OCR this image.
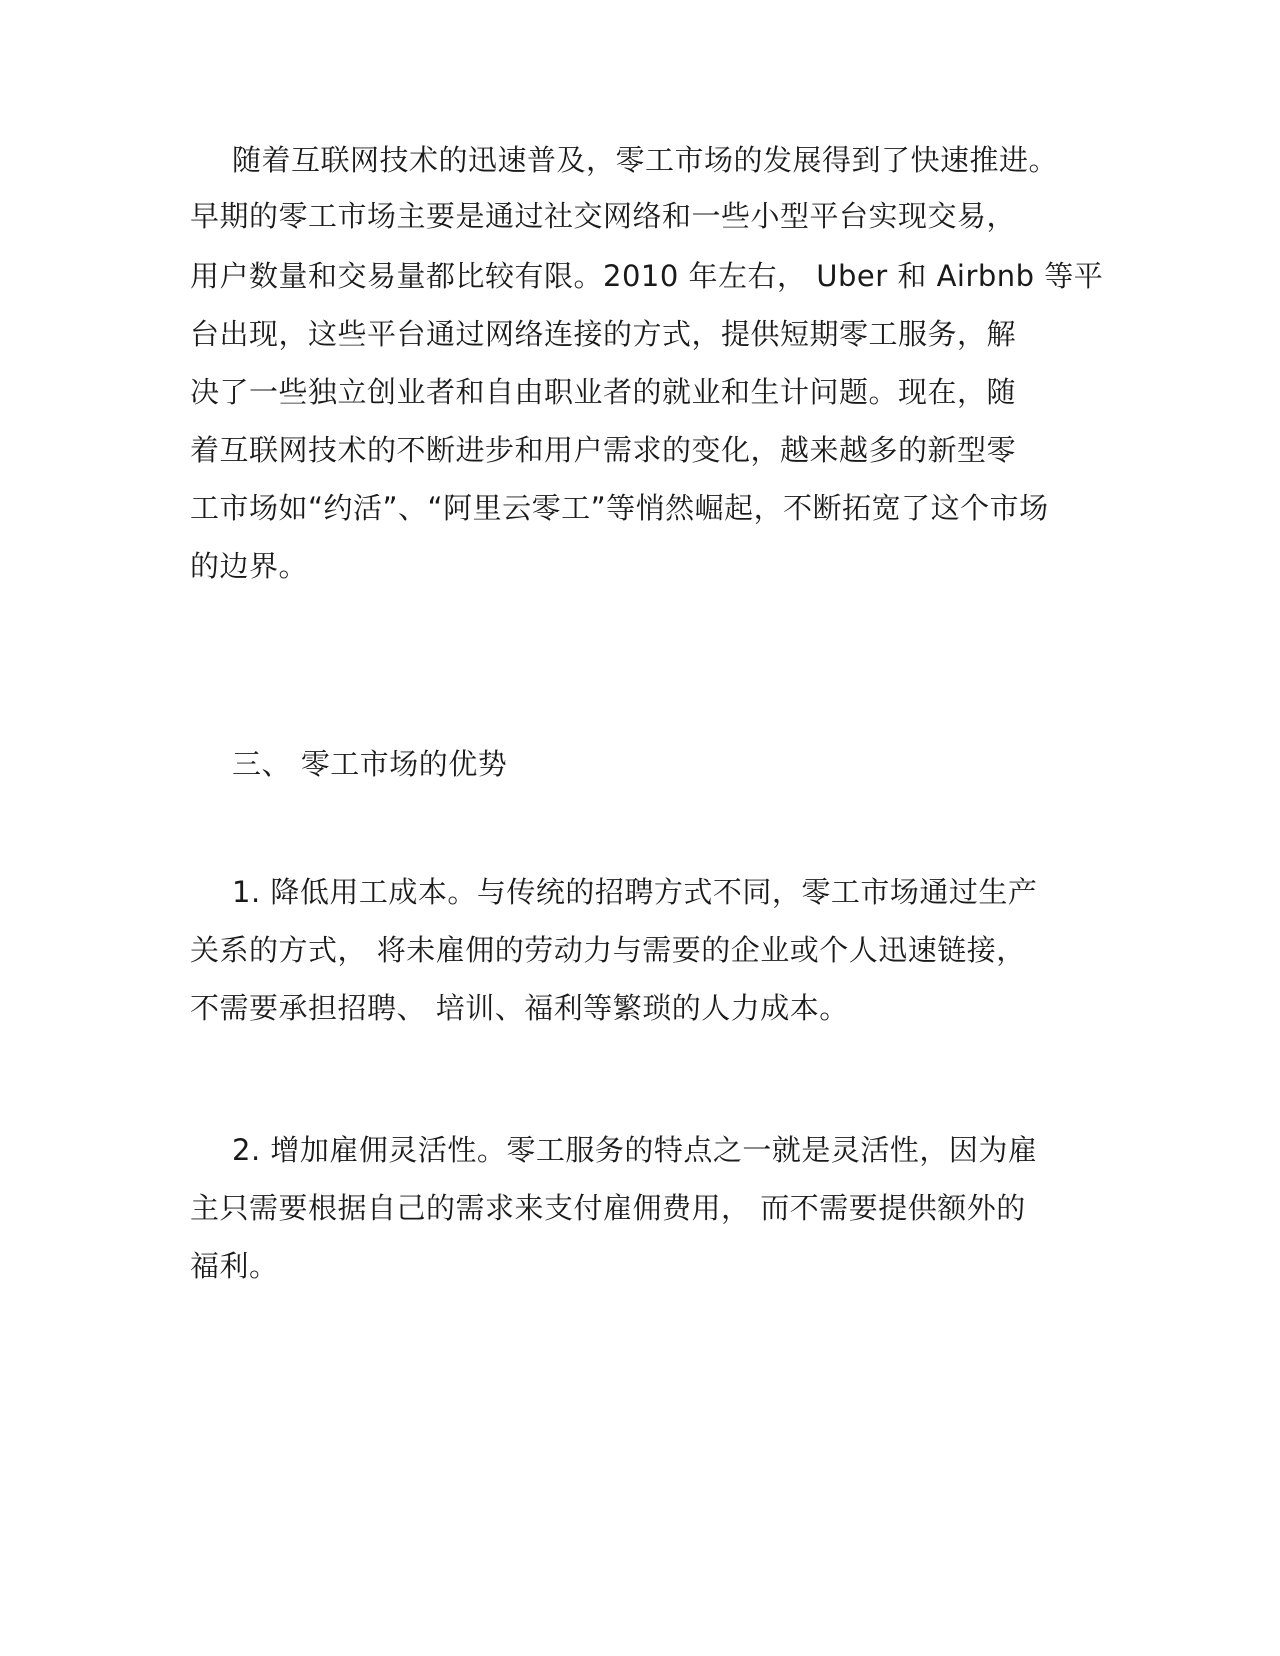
随着互联网技术的迅速普及，零工市场的发展得到了快速推进。
早期的零工市场主要是通过社交网络和一些小型平台实现交易，
用户数量和交易量都比较有限。2010 年左右， Uber 和 Airbnb 等平
台出现，这些平台通过网络连接的方式，提供短期零工服务，解
决了一些独立创业者和自由职业者的就业和生计问题。现在，随
着互联网技术的不断进步和用户需求的变化，越来越多的新型零
工市场如“约活”、“阿里云零工”等悄然崛起，不断拓宽了这个市场
的边界。
三、 零工市场的优势
1. 降低用工成本。与传统的招聘方式不同，零工市场通过生产
关系的方式， 将未雇佣的劳动力与需要的企业或个人迅速链接，
不需要承担招聘、 培训、福利等繁琐的人力成本。
2. 增加雇佣灵活性。零工服务的特点之一就是灵活性，因为雇
主只需要根据自己的需求来支付雇佣费用， 而不需要提供额外的
福利。
